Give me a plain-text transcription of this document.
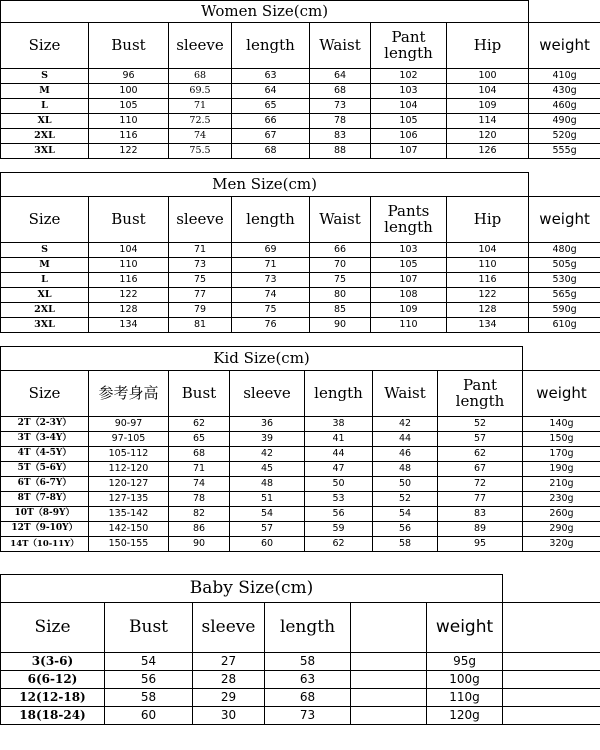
Women Size(cm)							
Size	Bust	sleeve	length	Waist	Pant length	Hip	weight
S	96	68	63	64	102	100	410g
M	100	69.5	64	68	103	104	430g
L	105	71	65	73	104	109	460g
XL	110	72.5	66	78	105	114	490g
2XL	116	74	67	83	106	120	520g
3XL	122	75.5	68	88	107	126	555g
Men Size(cm)							
Size	Bust	sleeve	length	Waist	Pants length	Hip	weight
S	104	71	69	66	103	104	480g
M	110	73	71	70	105	110	505g
L	116	75	73	75	107	116	530g
XL	122	77	74	80	108	122	565g
2XL	128	79	75	85	109	128	590g
3XL	134	81	76	90	110	134	610g
Kid Size(cm)							
Size	参考身高	Bust	sleeve	length	Waist	Pant length	weight
2T（2-3Y）	90-97	62	36	38	42	52	140g
3T（3-4Y）	97-105	65	39	41	44	57	150g
4T（4-5Y）	105-112	68	42	44	46	62	170g
5T（5-6Y）	112-120	71	45	47	48	67	190g
6T（6-7Y）	120-127	74	48	50	50	72	210g
8T（7-8Y）	127-135	78	51	53	52	77	230g
10T（8-9Y）	135-142	82	54	56	54	83	260g
12T（9-10Y）	142-150	86	57	59	56	89	290g
14T（10-11Y）	150-155	90	60	62	58	95	320g
Baby Size(cm)						
Size	Bust	sleeve	length		weight	
3(3-6)	54	27	58		95g	
6(6-12)	56	28	63		100g	
12(12-18)	58	29	68		110g	
18(18-24)	60	30	73		120g	
